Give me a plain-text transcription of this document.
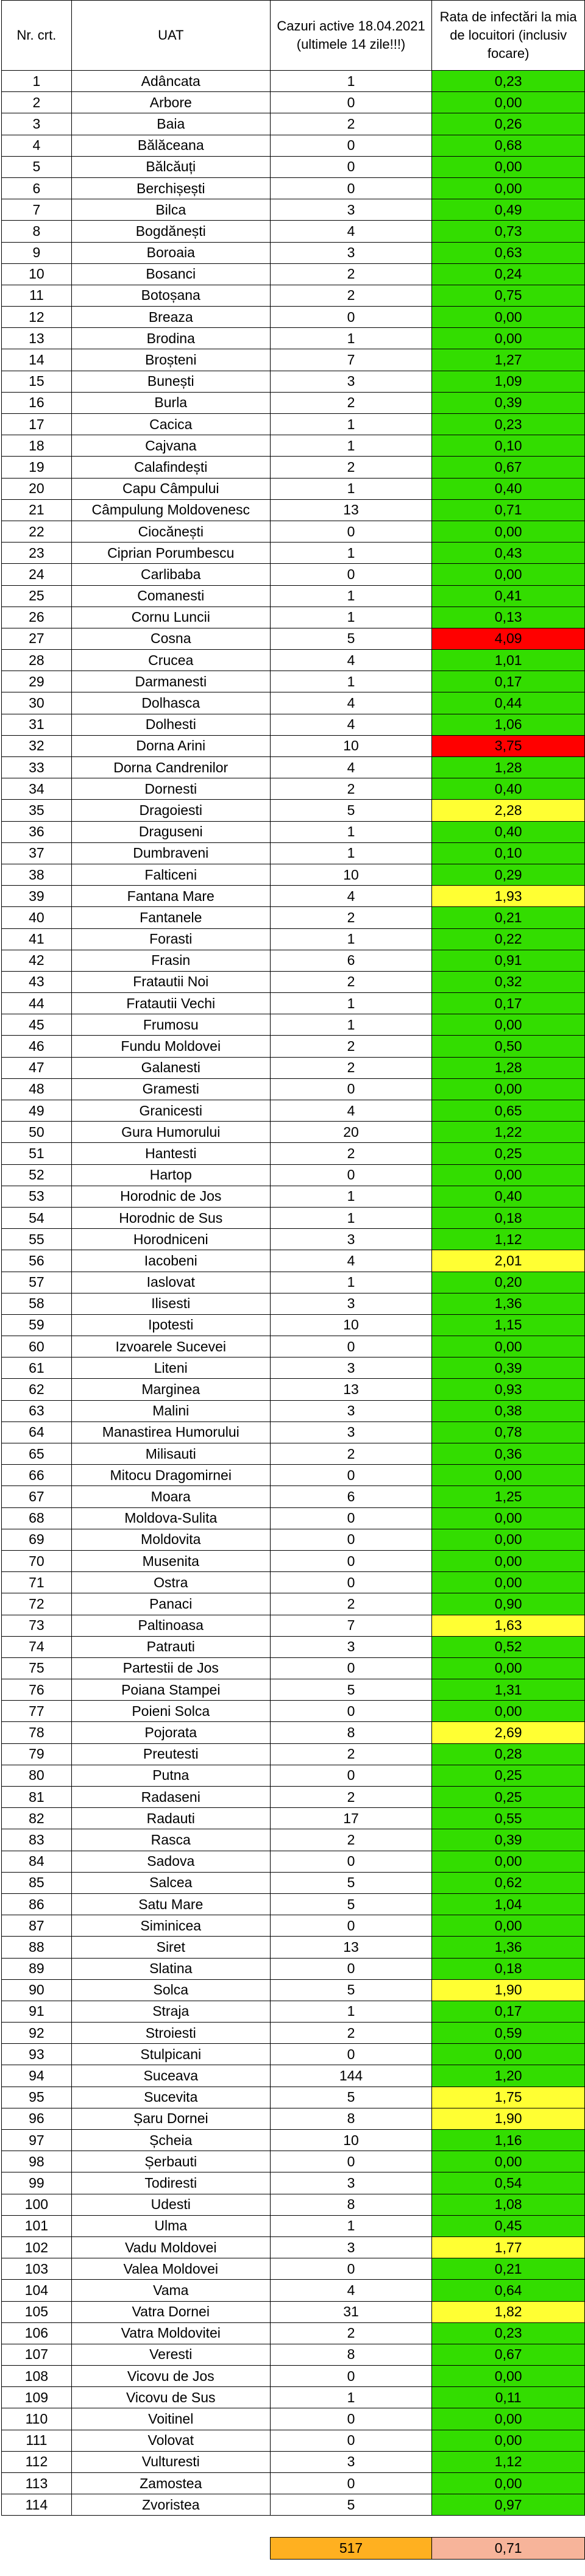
Nr. crt.	UAT	Cazuri active 18.04.2021 (ultimele 14 zile!!!)	Rata de infectări la mia de locuitori (inclusiv focare)
1	Adâncata	1	0,23
2	Arbore	0	0,00
3	Baia	2	0,26
4	Bălăceana	0	0,68
5	Bălcăuți	0	0,00
6	Berchișești	0	0,00
7	Bilca	3	0,49
8	Bogdănești	4	0,73
9	Boroaia	3	0,63
10	Bosanci	2	0,24
11	Botoșana	2	0,75
12	Breaza	0	0,00
13	Brodina	1	0,00
14	Broșteni	7	1,27
15	Bunești	3	1,09
16	Burla	2	0,39
17	Cacica	1	0,23
18	Cajvana	1	0,10
19	Calafindești	2	0,67
20	Capu Câmpului	1	0,40
21	Câmpulung Moldovenesc	13	0,71
22	Ciocănești	0	0,00
23	Ciprian Porumbescu	1	0,43
24	Carlibaba	0	0,00
25	Comanesti	1	0,41
26	Cornu Luncii	1	0,13
27	Cosna	5	4,09
28	Crucea	4	1,01
29	Darmanesti	1	0,17
30	Dolhasca	4	0,44
31	Dolhesti	4	1,06
32	Dorna Arini	10	3,75
33	Dorna Candrenilor	4	1,28
34	Dornesti	2	0,40
35	Dragoiesti	5	2,28
36	Draguseni	1	0,40
37	Dumbraveni	1	0,10
38	Falticeni	10	0,29
39	Fantana Mare	4	1,93
40	Fantanele	2	0,21
41	Forasti	1	0,22
42	Frasin	6	0,91
43	Fratautii Noi	2	0,32
44	Fratautii Vechi	1	0,17
45	Frumosu	1	0,00
46	Fundu Moldovei	2	0,50
47	Galanesti	2	1,28
48	Gramesti	0	0,00
49	Granicesti	4	0,65
50	Gura Humorului	20	1,22
51	Hantesti	2	0,25
52	Hartop	0	0,00
53	Horodnic de Jos	1	0,40
54	Horodnic de Sus	1	0,18
55	Horodniceni	3	1,12
56	Iacobeni	4	2,01
57	Iaslovat	1	0,20
58	Ilisesti	3	1,36
59	Ipotesti	10	1,15
60	Izvoarele Sucevei	0	0,00
61	Liteni	3	0,39
62	Marginea	13	0,93
63	Malini	3	0,38
64	Manastirea Humorului	3	0,78
65	Milisauti	2	0,36
66	Mitocu Dragomirnei	0	0,00
67	Moara	6	1,25
68	Moldova-Sulita	0	0,00
69	Moldovita	0	0,00
70	Musenita	0	0,00
71	Ostra	0	0,00
72	Panaci	2	0,90
73	Paltinoasa	7	1,63
74	Patrauti	3	0,52
75	Partestii de Jos	0	0,00
76	Poiana Stampei	5	1,31
77	Poieni Solca	0	0,00
78	Pojorata	8	2,69
79	Preutesti	2	0,28
80	Putna	0	0,25
81	Radaseni	2	0,25
82	Radauti	17	0,55
83	Rasca	2	0,39
84	Sadova	0	0,00
85	Salcea	5	0,62
86	Satu Mare	5	1,04
87	Siminicea	0	0,00
88	Siret	13	1,36
89	Slatina	0	0,18
90	Solca	5	1,90
91	Straja	1	0,17
92	Stroiesti	2	0,59
93	Stulpicani	0	0,00
94	Suceava	144	1,20
95	Sucevita	5	1,75
96	Șaru Dornei	8	1,90
97	Șcheia	10	1,16
98	Șerbauti	0	0,00
99	Todiresti	3	0,54
100	Udesti	8	1,08
101	Ulma	1	0,45
102	Vadu Moldovei	3	1,77
103	Valea Moldovei	0	0,21
104	Vama	4	0,64
105	Vatra Dornei	31	1,82
106	Vatra Moldovitei	2	0,23
107	Veresti	8	0,67
108	Vicovu de Jos	0	0,00
109	Vicovu de Sus	1	0,11
110	Voitinel	0	0,00
111	Volovat	0	0,00
112	Vulturesti	3	1,12
113	Zamostea	0	0,00
114	Zvoristea	5	0,97

		517	0,71
